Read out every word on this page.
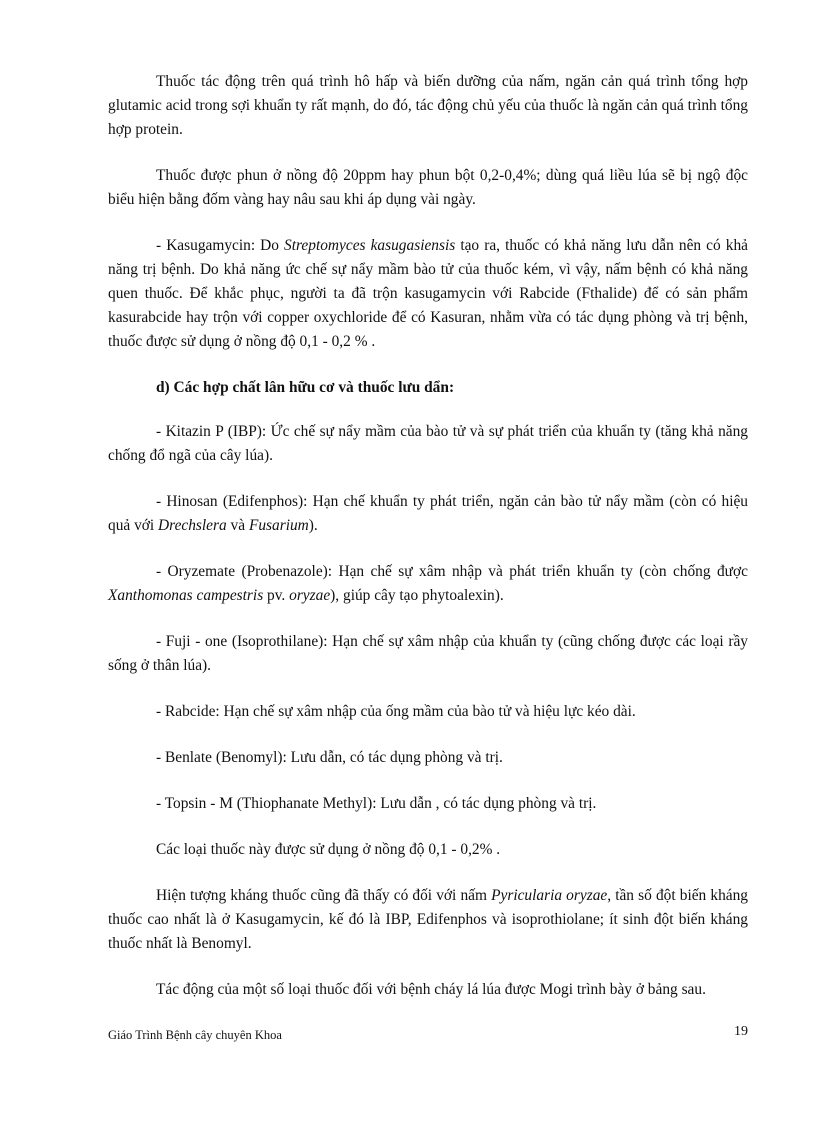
Thuốc tác động trên quá trình hô hấp và biến dưỡng của nấm, ngăn cản quá trình tổng hợp glutamic acid trong sợi khuẩn ty rất mạnh, do đó, tác động chủ yếu của thuốc là ngăn cản quá trình tổng hợp protein.

Thuốc được phun ở nồng độ 20ppm hay phun bột 0,2-0,4%; dùng quá liều lúa sẽ bị ngộ độc biểu hiện bằng đốm vàng hay nâu sau khi áp dụng vài ngày.

- Kasugamycin: Do Streptomyces kasugasiensis tạo ra, thuốc có khả năng lưu dẫn nên có khả năng trị bệnh. Do khả năng ức chế sự nẩy mầm bào tử của thuốc kém, vì vậy, nấm bệnh có khả năng quen thuốc. Để khắc phục, người ta đã trộn kasugamycin với Rabcide (Fthalide) để có sản phẩm kasurabcide hay trộn với copper oxychloride để có Kasuran, nhằm vừa có tác dụng phòng và trị bệnh, thuốc được sử dụng ở nồng độ 0,1 - 0,2 % .

d) Các hợp chất lân hữu cơ và thuốc lưu dẩn:

- Kitazin P (IBP): Ức chế sự nẩy mầm của bào tử và sự phát triển của khuẩn ty (tăng khả năng chống đổ ngã của cây lúa).

- Hinosan (Edifenphos): Hạn chế khuẩn ty phát triển, ngăn cản bào tử nẩy mầm (còn có hiệu quả với Drechslera và Fusarium).

- Oryzemate (Probenazole): Hạn chế sự xâm nhập và phát triển khuẩn ty (còn chống được Xanthomonas campestris pv. oryzae), giúp cây tạo phytoalexin).

- Fuji - one (Isoprothilane): Hạn chế sự xâm nhập của khuẩn ty (cũng chống được các loại rầy sống ở thân lúa).

- Rabcide: Hạn chế sự xâm nhập của ống mầm của bào tử và hiệu lực kéo dài.

- Benlate (Benomyl): Lưu dẫn, có tác dụng phòng và trị.

- Topsin - M (Thiophanate Methyl): Lưu dẫn , có tác dụng phòng và trị.

Các loại thuốc này được sử dụng ở nồng độ 0,1 - 0,2% .

Hiện tượng kháng thuốc cũng đã thấy có đối với nấm Pyricularia oryzae, tần số đột biến kháng thuốc cao nhất là ở Kasugamycin, kế đó là IBP, Edifenphos và isoprothiolane; ít sinh đột biến kháng thuốc nhất là Benomyl.

Tác động của một số loại thuốc đối với bệnh cháy lá lúa được Mogi trình bày ở bảng sau.

Giáo Trình Bệnh cây chuyên Khoa	19
